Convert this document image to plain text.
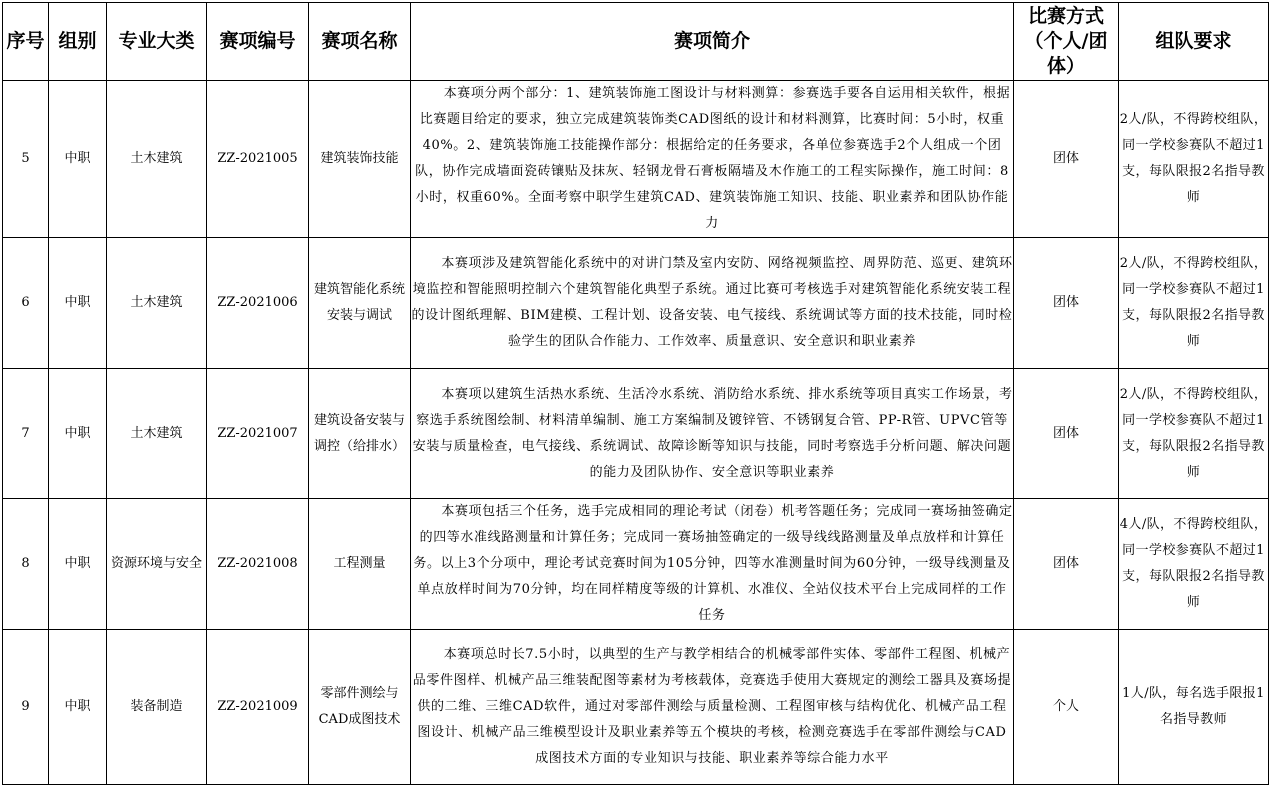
序号	组别	专业大类	赛项编号	赛项名称	赛项简介	比赛方式（个人/团体）	组队要求
5	中职	土木建筑	ZZ-2021005	建筑装饰技能	本赛项分两个部分：1、建筑装饰施工图设计与材料测算：参赛选手要各自运用相关软件，根据比赛题目给定的要求，独立完成建筑装饰类CAD图纸的设计和材料测算，比赛时间：5小时，权重40%。2、建筑装饰施工技能操作部分：根据给定的任务要求，各单位参赛选手2个人组成一个团队，协作完成墙面瓷砖镶贴及抹灰、轻钢龙骨石膏板隔墙及木作施工的工程实际操作，施工时间：8小时，权重60%。全面考察中职学生建筑CAD、建筑装饰施工知识、技能、职业素养和团队协作能力	团体	2人/队，不得跨校组队，同一学校参赛队不超过1支，每队限报2名指导教师
6	中职	土木建筑	ZZ-2021006	建筑智能化系统安装与调试	本赛项涉及建筑智能化系统中的对讲门禁及室内安防、网络视频监控、周界防范、巡更、建筑环境监控和智能照明控制六个建筑智能化典型子系统。通过比赛可考核选手对建筑智能化系统安装工程的设计图纸理解、BIM建模、工程计划、设备安装、电气接线、系统调试等方面的技术技能，同时检验学生的团队合作能力、工作效率、质量意识、安全意识和职业素养	团体	2人/队，不得跨校组队，同一学校参赛队不超过1支，每队限报2名指导教师
7	中职	土木建筑	ZZ-2021007	建筑设备安装与调控（给排水）	本赛项以建筑生活热水系统、生活冷水系统、消防给水系统、排水系统等项目真实工作场景，考察选手系统图绘制、材料清单编制、施工方案编制及镀锌管、不锈钢复合管、PP-R管、UPVC管等安装与质量检查，电气接线、系统调试、故障诊断等知识与技能，同时考察选手分析问题、解决问题的能力及团队协作、安全意识等职业素养	团体	2人/队，不得跨校组队，同一学校参赛队不超过1支，每队限报2名指导教师
8	中职	资源环境与安全	ZZ-2021008	工程测量	本赛项包括三个任务，选手完成相同的理论考试（闭卷）机考答题任务；完成同一赛场抽签确定的四等水准线路测量和计算任务；完成同一赛场抽签确定的一级导线线路测量及单点放样和计算任务。以上3个分项中，理论考试竞赛时间为105分钟，四等水准测量时间为60分钟，一级导线测量及单点放样时间为70分钟，均在同样精度等级的计算机、水准仪、全站仪技术平台上完成同样的工作任务	团体	4人/队，不得跨校组队，同一学校参赛队不超过1支，每队限报2名指导教师
9	中职	装备制造	ZZ-2021009	零部件测绘与CAD成图技术	本赛项总时长7.5小时，以典型的生产与教学相结合的机械零部件实体、零部件工程图、机械产品零件图样、机械产品三维装配图等素材为考核载体，竞赛选手使用大赛规定的测绘工器具及赛场提供的二维、三维CAD软件，通过对零部件测绘与质量检测、工程图审核与结构优化、机械产品工程图设计、机械产品三维模型设计及职业素养等五个模块的考核，检测竞赛选手在零部件测绘与CAD成图技术方面的专业知识与技能、职业素养等综合能力水平	个人	1人/队，每名选手限报1名指导教师
